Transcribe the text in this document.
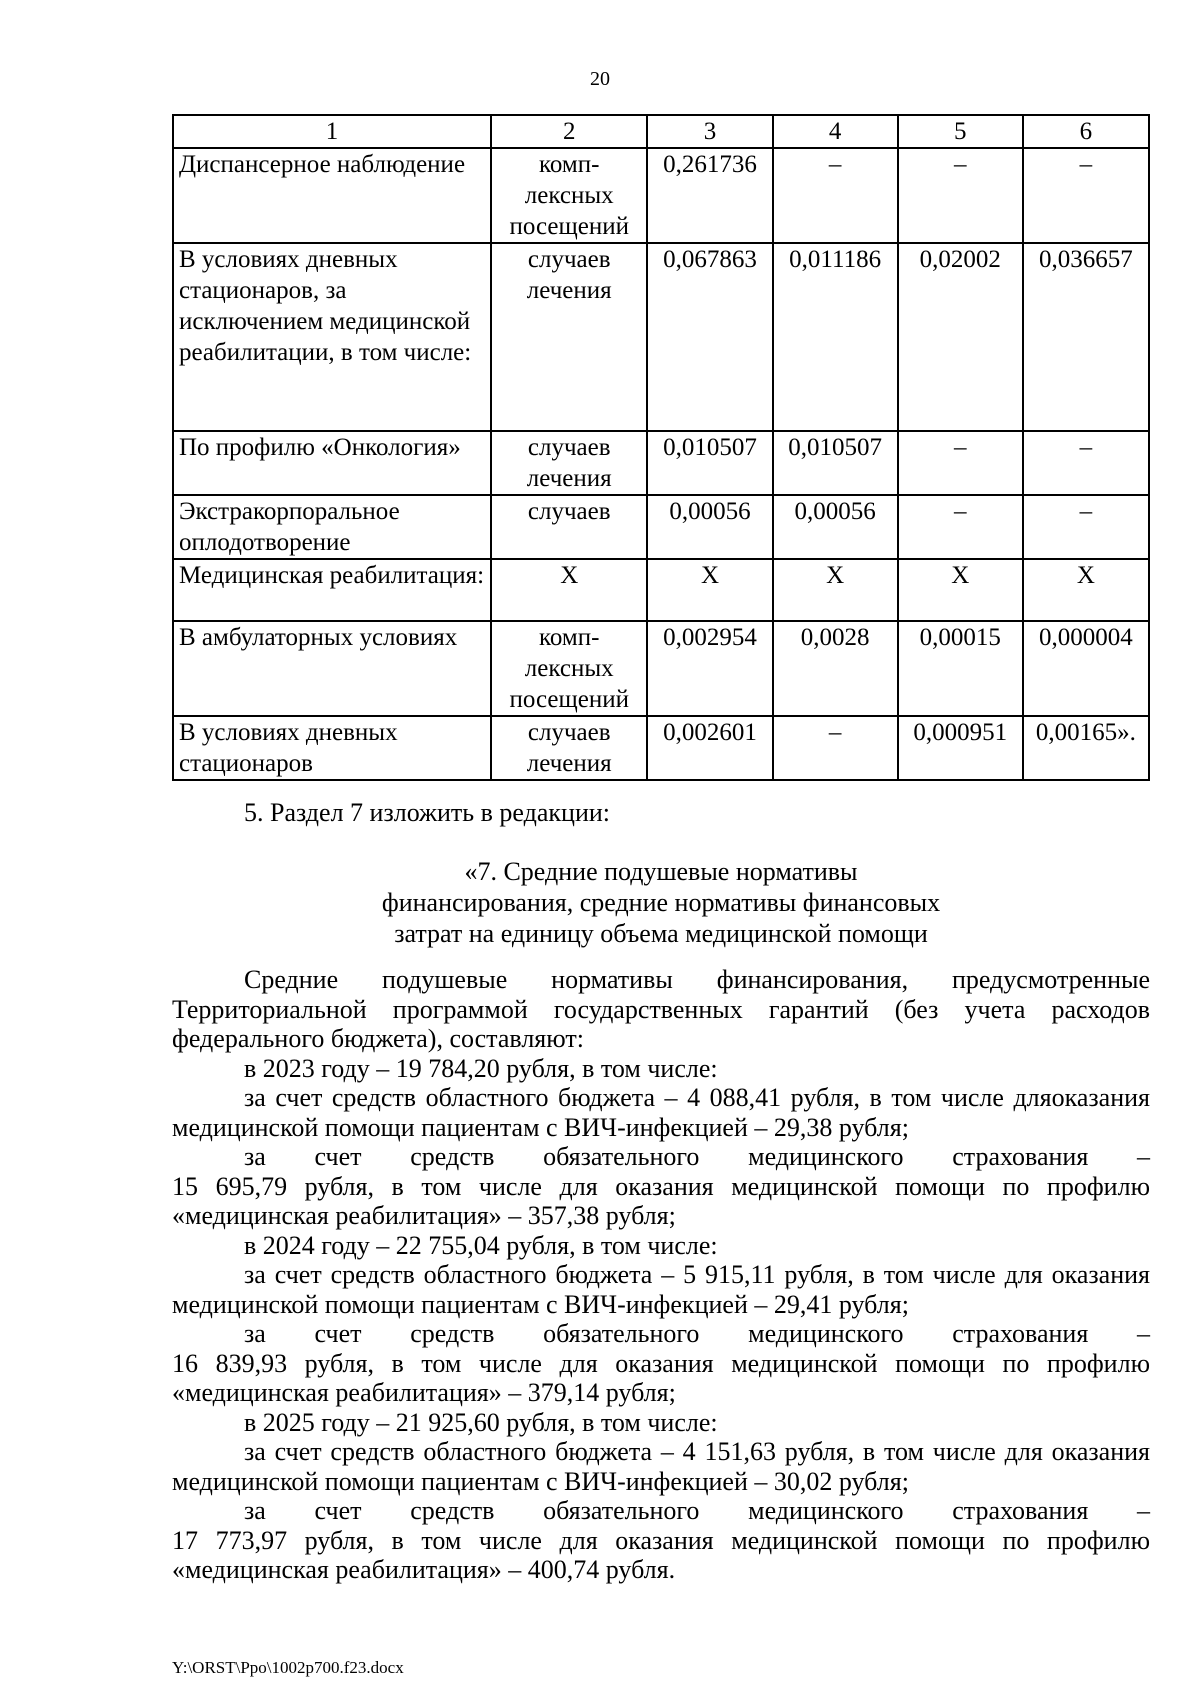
20
1	2	3	4	5	6
Диспансерное наблюдение	комп-лексных посещений	0,261736	–	–	–
В условиях дневных стационаров, за исключением медицинской реабилитации, в том числе:	случаев лечения	0,067863	0,011186	0,02002	0,036657
По профилю «Онкология»	случаев лечения	0,010507	0,010507	–	–
Экстракорпоральное оплодотворение	случаев	0,00056	0,00056	–	–
Медицинская реабилитация:	Х	Х	Х	Х	Х
В амбулаторных условиях	комп-лексных посещений	0,002954	0,0028	0,00015	0,000004
В условиях дневных стационаров	случаев лечения	0,002601	–	0,000951	0,00165».
5. Раздел 7 изложить в редакции:
«7. Средние подушевые нормативы
финансирования, средние нормативы финансовых
затрат на единицу объема медицинской помощи

Средние подушевые нормативы финансирования, предусмотренные Территориальной программой государственных гарантий (без учета расходов федерального бюджета), составляют:

в 2023 году – 19 784,20 рубля, в том числе:

за счет средств областного бюджета – 4 088,41 рубля, в том числе дляоказания медицинской помощи пациентам с ВИЧ-инфекцией – 29,38 рубля;

за счет средств обязательного медицинского страхования –

15 695,79 рубля, в том числе для оказания медицинской помощи по профилю «медицинская реабилитация» – 357,38 рубля;

в 2024 году – 22 755,04 рубля, в том числе:

за счет средств областного бюджета – 5 915,11 рубля, в том числе для оказания медицинской помощи пациентам с ВИЧ-инфекцией – 29,41 рубля;

за счет средств обязательного медицинского страхования –

16 839,93 рубля, в том числе для оказания медицинской помощи по профилю «медицинская реабилитация» – 379,14 рубля;

в 2025 году – 21 925,60 рубля, в том числе:

за счет средств областного бюджета – 4 151,63 рубля, в том числе для оказания медицинской помощи пациентам с ВИЧ-инфекцией – 30,02 рубля;

за счет средств обязательного медицинского страхования –

17 773,97 рубля, в том числе для оказания медицинской помощи по профилю «медицинская реабилитация» – 400,74 рубля.

Y:\ORST\Ppo\1002p700.f23.docx
